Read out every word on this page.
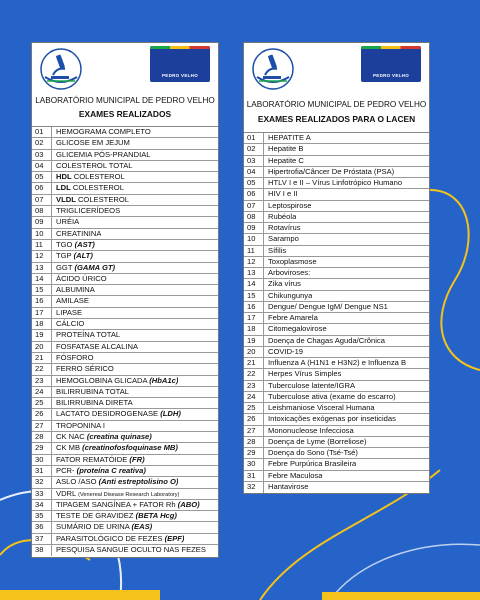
PEDRO VELHO
LABORATÓRIO MUNICIPAL DE PEDRO VELHO
EXAMES REALIZADOS
01	HEMOGRAMA COMPLETO
02	GLICOSE EM JEJUM
03	GLICEMIA PÓS-PRANDIAL
04	COLESTEROL TOTAL
05	HDL COLESTEROL
06	LDL COLESTEROL
07	VLDL COLESTEROL
08	TRIGLICERÍDEOS
09	URÉIA
10	CREATININA
11	TGO (AST)
12	TGP (ALT)
13	GGT (GAMA GT)
14	ÁCIDO ÚRICO
15	ALBUMINA
16	AMILASE
17	LIPASE
18	CÁLCIO
19	PROTEÍNA TOTAL
20	FOSFATASE ALCALINA
21	FÓSFORO
22	FERRO SÉRICO
23	HEMOGLOBINA GLICADA (HbA1c)
24	BILIRRUBINA TOTAL
25	BILIRRUBINA DIRETA
26	LACTATO DESIDROGENASE (LDH)
27	TROPONINA I
28	CK NAC (creatina quinase)
29	CK MB (creatinofosfoquinase MB)
30	FATOR REMATÓIDE (FR)
31	PCR- (proteína C reativa)
32	ASLO /ASO (Anti estreptolisino O)
33	VDRL (Venereal Disease Research Laboratory)
34	TIPAGEM SANGÍNEA + FATOR Rh (ABO)
35	TESTE DE GRAVIDEZ (BETA Hcg)
36	SUMÁRIO DE URINA (EAS)
37	PARASITOLÓGICO DE FEZES (EPF)
38	PESQUISA SANGUE OCULTO NAS FEZES
PEDRO VELHO
LABORATÓRIO MUNICIPAL DE PEDRO VELHO
EXAMES REALIZADOS PARA O LACEN
01	HEPATITE A
02	Hepatite B
03	Hepatite C
04	Hipertrofia/Câncer De Próstata (PSA)
05	HTLV I e II – Vírus Linfotrópico Humano
06	HIV I e II
07	Leptospirose
08	Rubéola
09	Rotavírus
10	Sarampo
11	Sífilis
12	Toxoplasmose
13	Arboviroses:
14	Zika vírus
15	Chikungunya
16	Dengue/ Dengue IgM/ Dengue NS1
17	Febre Amarela
18	Citomegalovirose
19	Doença de Chagas Aguda/Crônica
20	COVID-19
21	Influenza A (H1N1 e H3N2) e Influenza B
22	Herpes Vírus Simples
23	Tuberculose latente/IGRA
24	Tuberculose ativa (exame do escarro)
25	Leishmaniose Visceral Humana
26	Intoxicações exógenas por inseticidas
27	Mononucleose Infecciosa
28	Doença de Lyme (Borreliose)
29	Doença do Sono (Tsé-Tsé)
30	Febre Purpúrica Brasileira
31	Febre Maculosa
32	Hantavirose
